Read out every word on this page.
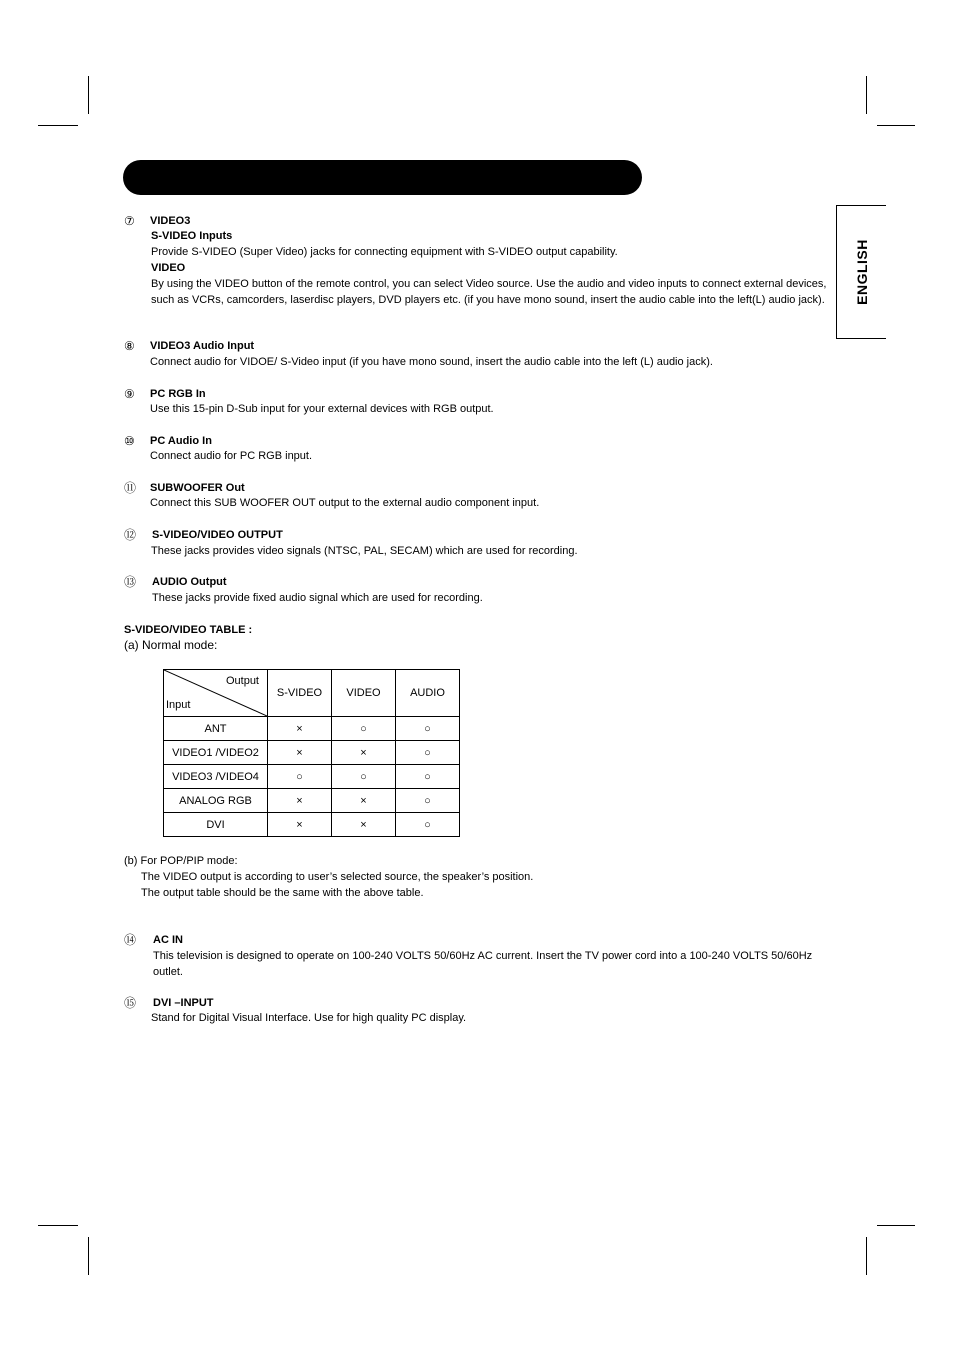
ENGLISH
⑦ VIDEO3
S-VIDEO Inputs
Provide S-VIDEO (Super Video) jacks for connecting equipment with S-VIDEO output capability.
VIDEO
By using the VIDEO button of the remote control, you can select Video source. Use the audio and video inputs to connect external devices, such as VCRs, camcorders, laserdisc players, DVD players etc. (if you have mono sound, insert the audio cable into the left(L) audio jack).
⑧ VIDEO3 Audio Input
Connect audio for VIDOE/ S-Video input (if you have mono sound, insert the audio cable into the left (L) audio jack).
⑨ PC RGB In
Use this 15-pin D-Sub input for your external devices with RGB output.
⑩ PC Audio In
Connect audio for PC RGB input.
⑪ SUBWOOFER Out
Connect this SUB WOOFER OUT output to the external audio component input.
⑫ S-VIDEO/VIDEO OUTPUT
These jacks provides video signals (NTSC, PAL, SECAM) which are used for recording.
⑬ AUDIO Output
These jacks provide fixed audio signal which are used for recording.
S-VIDEO/VIDEO TABLE :
(a) Normal mode:
Output
Input	S-VIDEO	VIDEO	AUDIO
ANT	×	○	○
VIDEO1 /VIDEO2	×	×	○
VIDEO3 /VIDEO4	○	○	○
ANALOG RGB	×	×	○
DVI	×	×	○
(b) For POP/PIP mode:
The VIDEO output is according to user’s selected source, the speaker’s position.
The output table should be the same with the above table.
⑭ AC IN
This television is designed to operate on 100-240 VOLTS 50/60Hz AC current. Insert the TV power cord into a 100-240 VOLTS 50/60Hz outlet.
⑮ DVI –INPUT
Stand for Digital Visual Interface. Use for high quality PC display.
